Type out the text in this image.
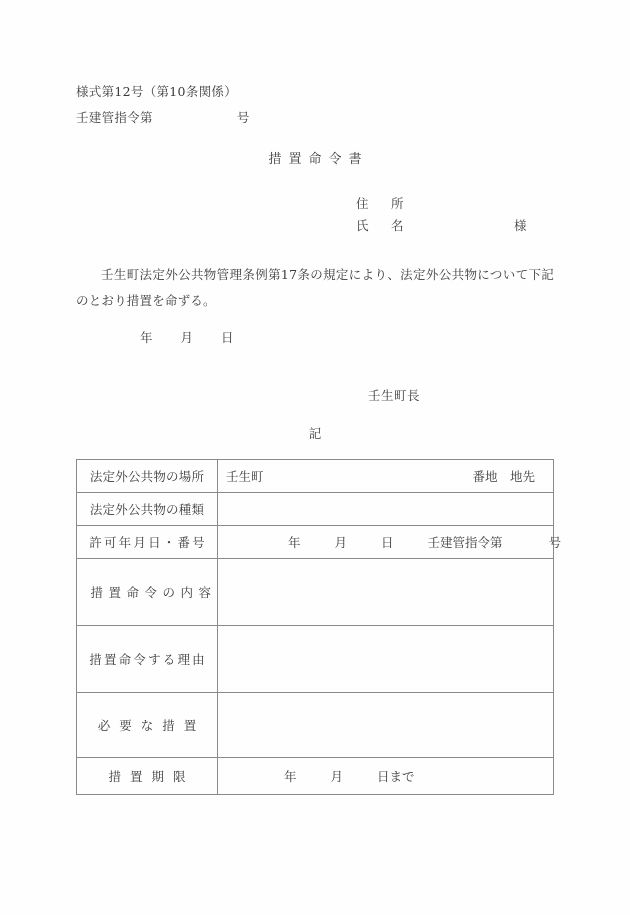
様式第12号（第10条関係）
壬建管指令第	号
措置命令書
住　所
氏　名	様
壬生町法定外公共物管理条例第17条の規定により、法定外公共物について下記のとおり措置を命ずる。
年 月 日
壬生町長
記
法定外公共物の場所	壬生町 番地　地先

法定外公共物の種類	
許可年月日・番号	年 月 日 壬建管指令第 号
措置命令の内容	
措置命令する理由	
必要な措置	
措置期限	年 月 日まで
